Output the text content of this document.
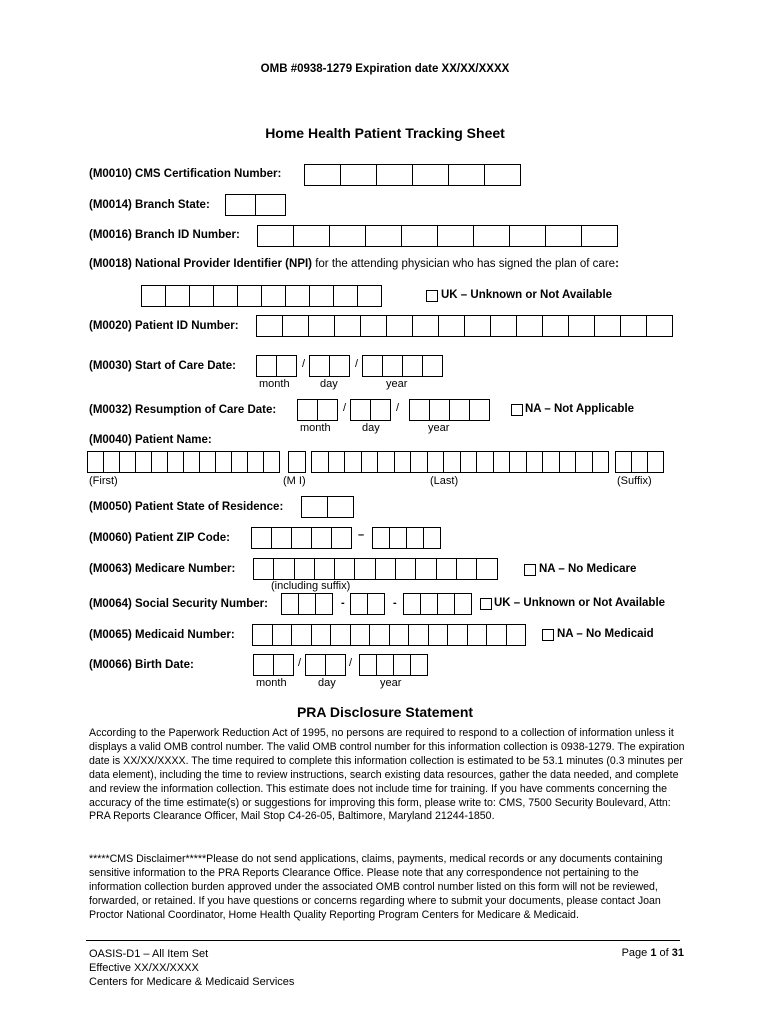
OMB #0938-1279 Expiration date XX/XX/XXXX
Home Health Patient Tracking Sheet
(M0010) CMS Certification Number:
(M0014) Branch State:
(M0016) Branch ID Number:
(M0018) National Provider Identifier (NPI) for the attending physician who has signed the plan of care:
UK – Unknown or Not Available
(M0020) Patient ID Number:
(M0030) Start of Care Date:	/	/
month	day	year
(M0032) Resumption of Care Date:	/	/	NA – Not Applicable
month	day	year
(M0040) Patient Name:
(First)	(M I)	(Last)	(Suffix)
(M0050) Patient State of Residence:
(M0060) Patient ZIP Code:	–
(M0063) Medicare Number:	NA – No Medicare
(including suffix)
(M0064) Social Security Number:	-	-	UK – Unknown or Not Available
(M0065) Medicaid Number:	NA – No Medicaid
(M0066) Birth Date:	/	/
month	day	year
PRA Disclosure Statement

According to the Paperwork Reduction Act of 1995, no persons are required to respond to a collection of information unless it displays a valid OMB control number. The valid OMB control number for this information collection is 0938-1279. The expiration date is XX/XX/XXXX. The time required to complete this information collection is estimated to be 53.1 minutes (0.3 minutes per data element), including the time to review instructions, search existing data resources, gather the data needed, and complete and review the information collection. This estimate does not include time for training. If you have comments concerning the accuracy of the time estimate(s) or suggestions for improving this form, please write to: CMS, 7500 Security Boulevard, Attn: PRA Reports Clearance Officer, Mail Stop C4-26-05, Baltimore, Maryland 21244-1850.

*****CMS Disclaimer*****Please do not send applications, claims, payments, medical records or any documents containing sensitive information to the PRA Reports Clearance Office. Please note that any correspondence not pertaining to the information collection burden approved under the associated OMB control number listed on this form will not be reviewed, forwarded, or retained. If you have questions or concerns regarding where to submit your documents, please contact Joan Proctor National Coordinator, Home Health Quality Reporting Program Centers for Medicare & Medicaid.

OASIS-D1 – All Item Set
Effective XX/XX/XXXX
Centers for Medicare & Medicaid Services
Page 1 of 31
